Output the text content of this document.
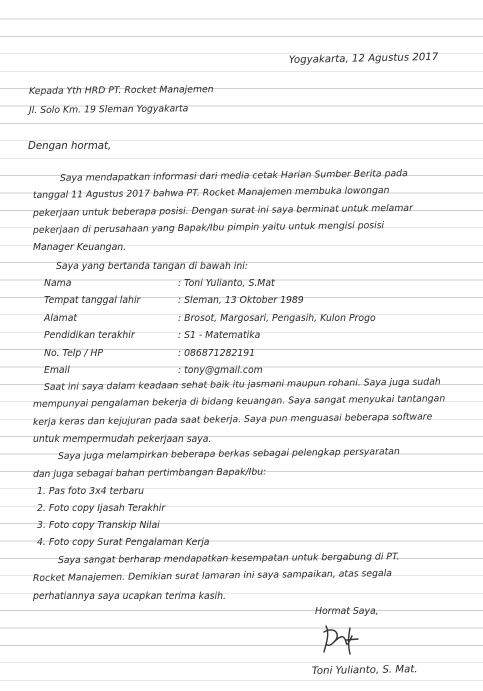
Yogyakarta, 12 Agustus 2017
Kepada Yth HRD PT. Rocket Manajemen
Jl. Solo Km. 19 Sleman Yogyakarta
Dengan hormat,
Saya mendapatkan informasi dari media cetak Harian Sumber Berita pada
tanggal 11 Agustus 2017 bahwa PT. Rocket Manajemen membuka lowongan
pekerjaan untuk beberapa posisi. Dengan surat ini saya berminat untuk melamar
pekerjaan di perusahaan yang Bapak/Ibu pimpin yaitu untuk mengisi posisi
Manager Keuangan.
Saya yang bertanda tangan di bawah ini:
Nama	: Toni Yulianto, S.Mat
Tempat tanggal lahir	: Sleman, 13 Oktober 1989
Alamat	: Brosot, Margosari, Pengasih, Kulon Progo
Pendidikan terakhir	: S1 - Matematika
No. Telp / HP	: 086871282191
Email	: tony@gmail.com
Saat ini saya dalam keadaan sehat baik itu jasmani maupun rohani. Saya juga sudah
mempunyai pengalaman bekerja di bidang keuangan. Saya sangat menyukai tantangan
kerja keras dan kejujuran pada saat bekerja. Saya pun menguasai beberapa software
untuk mempermudah pekerjaan saya.
Saya juga melampirkan beberapa berkas sebagai pelengkap persyaratan
dan juga sebagai bahan pertimbangan Bapak/Ibu:
1. Pas foto 3x4 terbaru
2. Foto copy Ijasah Terakhir
3. Foto copy Transkip Nilai
4. Foto copy Surat Pengalaman Kerja
Saya sangat berharap mendapatkan kesempatan untuk bergabung di PT.
Rocket Manajemen. Demikian surat lamaran ini saya sampaikan, atas segala
perhatiannya saya ucapkan terima kasih.
Hormat Saya,
Toni Yulianto, S. Mat.
